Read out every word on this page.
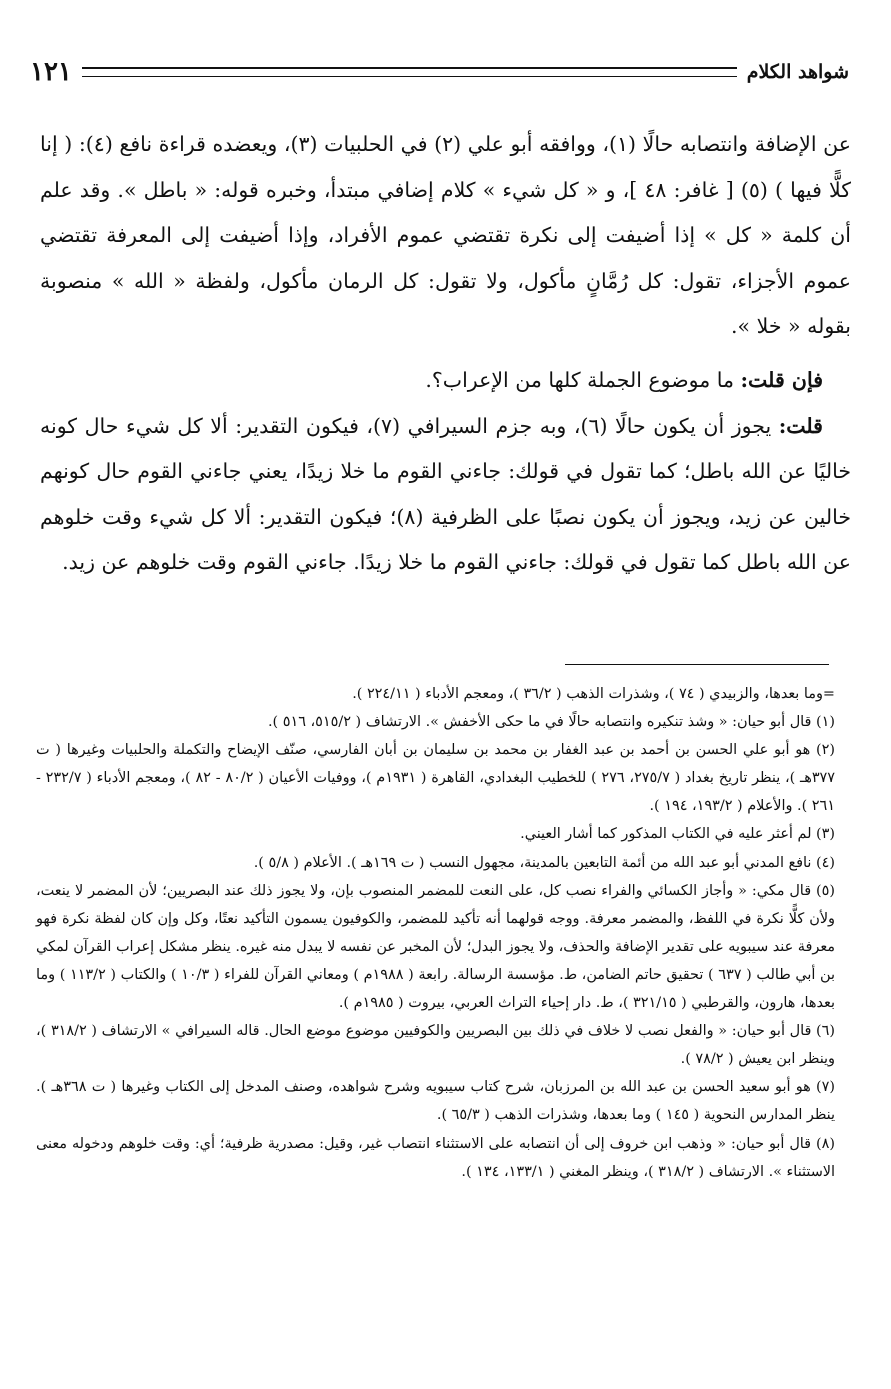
شواهد الكلام
١٢١

عن الإضافة وانتصابه حالًا (١)، ووافقه أبو علي (٢) في الحلبيات (٣)، ويعضده قراءة نافع (٤): ( إنا كلًّا فيها ) (٥) [ غافر: ٤٨ ]، و « كل شيء » كلام إضافي مبتدأ، وخبره قوله: « باطل ». وقد علم أن كلمة « كل » إذا أضيفت إلى نكرة تقتضي عموم الأفراد، وإذا أضيفت إلى المعرفة تقتضي عموم الأجزاء، تقول: كل رُمَّانٍ مأكول، ولا تقول: كل الرمان مأكول، ولفظة « الله » منصوبة بقوله « خلا ».

فإن قلت: ما موضوع الجملة كلها من الإعراب؟.

قلت: يجوز أن يكون حالًا (٦)، وبه جزم السيرافي (٧)، فيكون التقدير: ألا كل شيء حال كونه خاليًا عن الله باطل؛ كما تقول في قولك: جاءني القوم ما خلا زيدًا، يعني جاءني القوم حال كونهم خالين عن زيد، ويجوز أن يكون نصبًا على الظرفية (٨)؛ فيكون التقدير: ألا كل شيء وقت خلوهم عن الله باطل كما تقول في قولك: جاءني القوم ما خلا زيدًا. جاءني القوم وقت خلوهم عن زيد.

=وما بعدها، والزبيدي ( ٧٤ )، وشذرات الذهب ( ٣٦/٢ )، ومعجم الأدباء ( ٢٢٤/١١ ).

(١) قال أبو حيان: « وشذ تنكيره وانتصابه حالًا في ما حكى الأخفش ». الارتشاف ( ٥١٥/٢، ٥١٦ ).

(٢) هو أبو علي الحسن بن أحمد بن عبد الغفار بن محمد بن سليمان بن أبان الفارسي، صنّف الإيضاح والتكملة والحلبيات وغيرها ( ت ٣٧٧هـ )، ينظر تاريخ بغداد ( ٢٧٥/٧، ٢٧٦ ) للخطيب البغدادي، القاهرة ( ١٩٣١م )، ووفيات الأعيان ( ٨٠/٢ - ٨٢ )، ومعجم الأدباء ( ٢٣٢/٧ - ٢٦١ ). والأعلام ( ١٩٣/٢، ١٩٤ ).

(٣) لم أعثر عليه في الكتاب المذكور كما أشار العيني.

(٤) نافع المدني أبو عبد الله من أئمة التابعين بالمدينة، مجهول النسب ( ت ١٦٩هـ ). الأعلام ( ٥/٨ ).

(٥) قال مكي: « وأجاز الكسائي والفراء نصب كل، على النعت للمضمر المنصوب بإن، ولا يجوز ذلك عند البصريين؛ لأن المضمر لا ينعت، ولأن كلًّا نكرة في اللفظ، والمضمر معرفة. ووجه قولهما أنه تأكيد للمضمر، والكوفيون يسمون التأكيد نعتًا، وكل وإن كان لفظة نكرة فهو معرفة عند سيبويه على تقدير الإضافة والحذف، ولا يجوز البدل؛ لأن المخبر عن نفسه لا يبدل منه غيره. ينظر مشكل إعراب القرآن لمكي بن أبي طالب ( ٦٣٧ ) تحقيق حاتم الضامن، ط. مؤسسة الرسالة. رابعة ( ١٩٨٨م ) ومعاني القرآن للفراء ( ١٠/٣ ) والكتاب ( ١١٣/٢ ) وما بعدها، هارون، والقرطبي ( ٣٢١/١٥ )، ط. دار إحياء التراث العربي، بيروت ( ١٩٨٥م ).

(٦) قال أبو حيان: « والفعل نصب لا خلاف في ذلك بين البصريين والكوفيين موضوع موضع الحال. قاله السيرافي » الارتشاف ( ٣١٨/٢ )، وينظر ابن يعيش ( ٧٨/٢ ).

(٧) هو أبو سعيد الحسن بن عبد الله بن المرزبان، شرح كتاب سيبويه وشرح شواهده، وصنف المدخل إلى الكتاب وغيرها ( ت ٣٦٨هـ ). ينظر المدارس النحوية ( ١٤٥ ) وما بعدها، وشذرات الذهب ( ٦٥/٣ ).

(٨) قال أبو حيان: « وذهب ابن خروف إلى أن انتصابه على الاستثناء انتصاب غير، وقيل: مصدرية ظرفية؛ أي: وقت خلوهم ودخوله معنى الاستثناء ». الارتشاف ( ٣١٨/٢ )، وينظر المغني ( ١٣٣/١، ١٣٤ ).
